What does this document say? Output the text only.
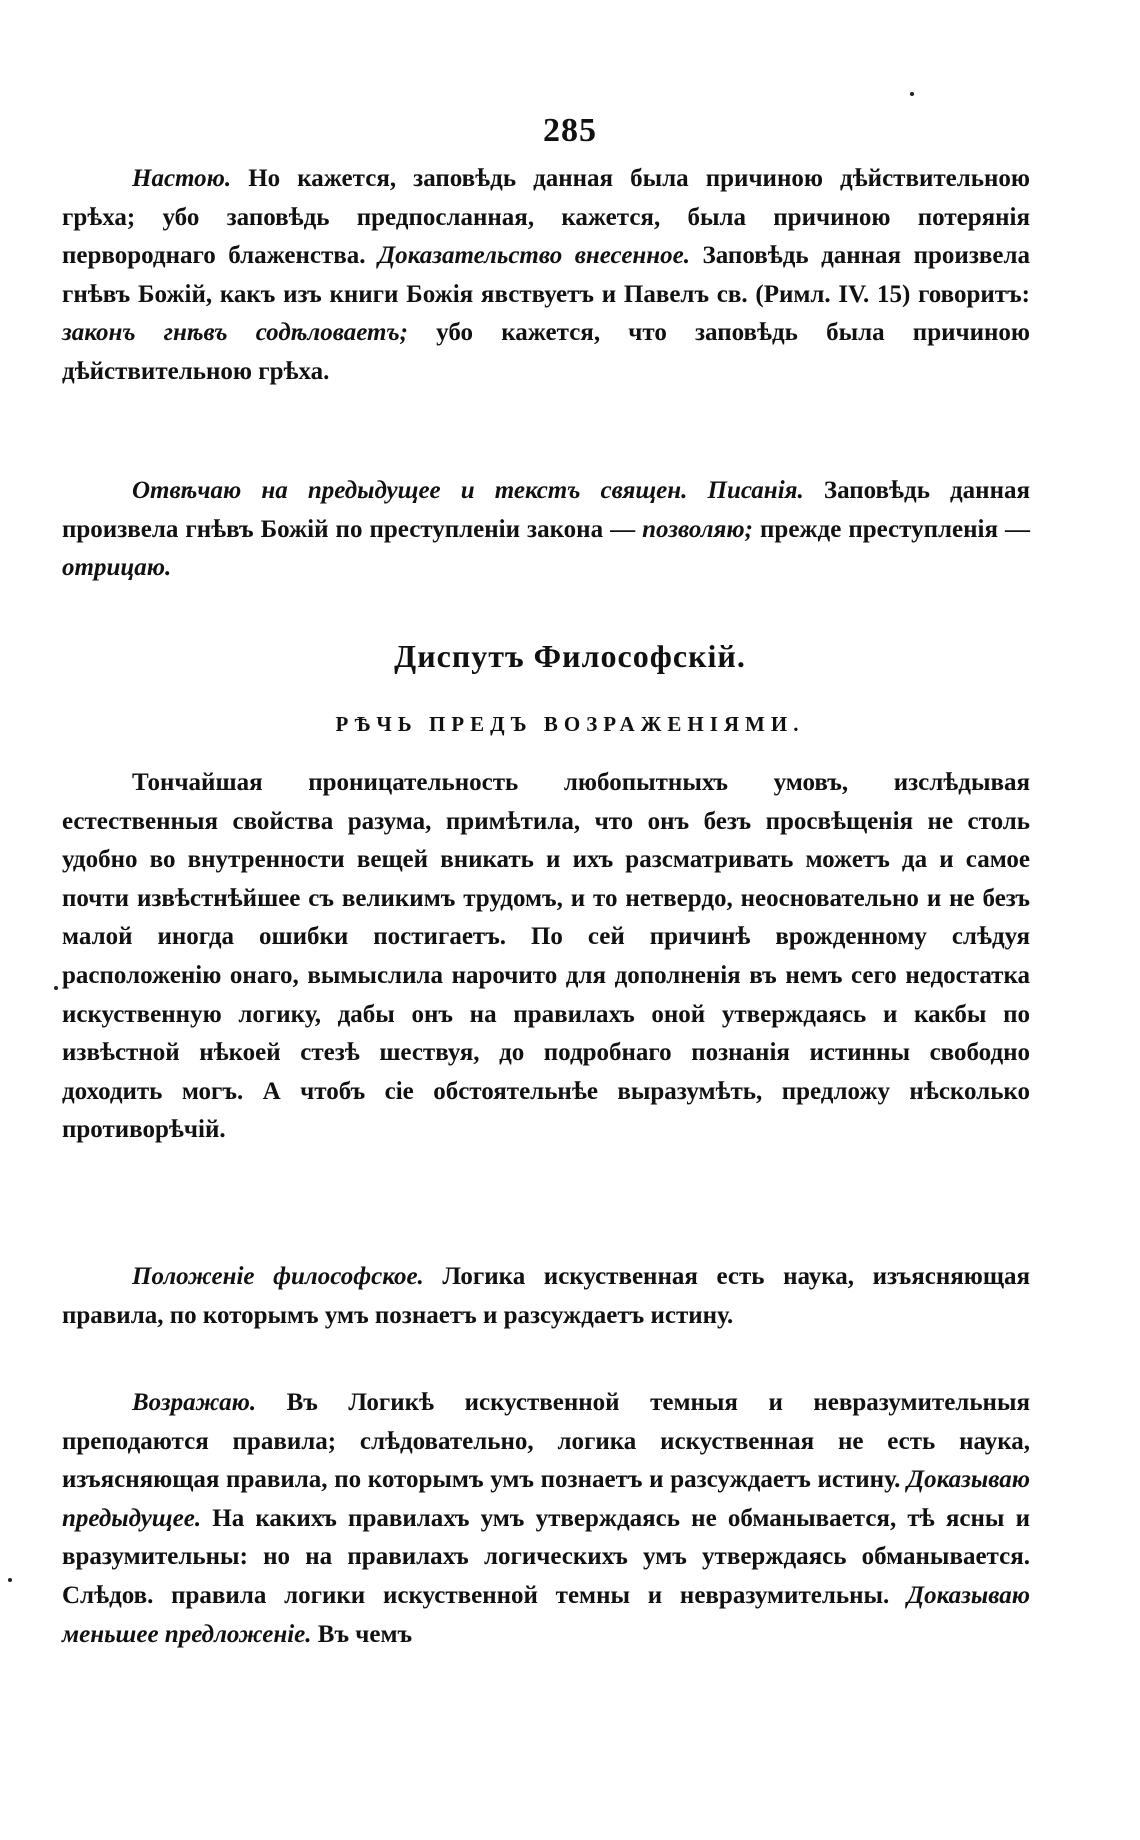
285

Настою. Но кажется, заповѣдь данная была причиною дѣйствительною грѣха; убо заповѣдь предпосланная, кажется, была причиною потерянія первороднаго блаженства. Доказательство внесенное. Заповѣдь данная произвела гнѣвъ Божій, какъ изъ книги Божія явствуетъ и Павелъ св. (Римл. IV. 15) говоритъ: законъ гнѣвъ содѣловаетъ; убо кажется, что заповѣдь была причиною дѣйствительною грѣха.

Отвѣчаю на предыдущее и текстъ священ. Писанія. Заповѣдь данная произвела гнѣвъ Божій по преступленіи закона — позволяю; прежде преступленія — отрицаю.

Диспутъ Философскій.
РѢЧЬ ПРЕДЪ ВОЗРАЖЕНІЯМИ.

Тончайшая проницательность любопытныхъ умовъ, изслѣдывая естественныя свойства разума, примѣтила, что онъ безъ просвѣщенія не столь удобно во внутренности вещей вникать и ихъ разсматривать можетъ да и самое почти извѣстнѣйшее съ великимъ трудомъ, и то нетвердо, неосновательно и не безъ малой иногда ошибки постигаетъ. По сей причинѣ врожденному слѣдуя расположенію онаго, вымыслила нарочито для дополненія въ немъ сего недостатка искуственную логику, дабы онъ на правилахъ оной утверждаясь и какбы по извѣстной нѣкоей стезѣ шествуя, до подробнаго познанія истинны свободно доходить могъ. А чтобъ сіе обстоятельнѣе выразумѣть, предложу нѣсколько противорѣчій.

Положеніе философское. Логика искуственная есть наука, изъясняющая правила, по которымъ умъ познаетъ и разсуждаетъ истину.

Возражаю. Въ Логикѣ искуственной темныя и невразумительныя преподаются правила; слѣдовательно, логика искуственная не есть наука, изъясняющая правила, по которымъ умъ познаетъ и разсуждаетъ истину. Доказываю предыдущее. На какихъ правилахъ умъ утверждаясь не обманывается, тѣ ясны и вразумительны: но на правилахъ логическихъ умъ утверждаясь обманывается. Слѣдов. правила логики искуственной темны и невразумительны. Доказываю меньшее предложеніе. Въ чемъ
